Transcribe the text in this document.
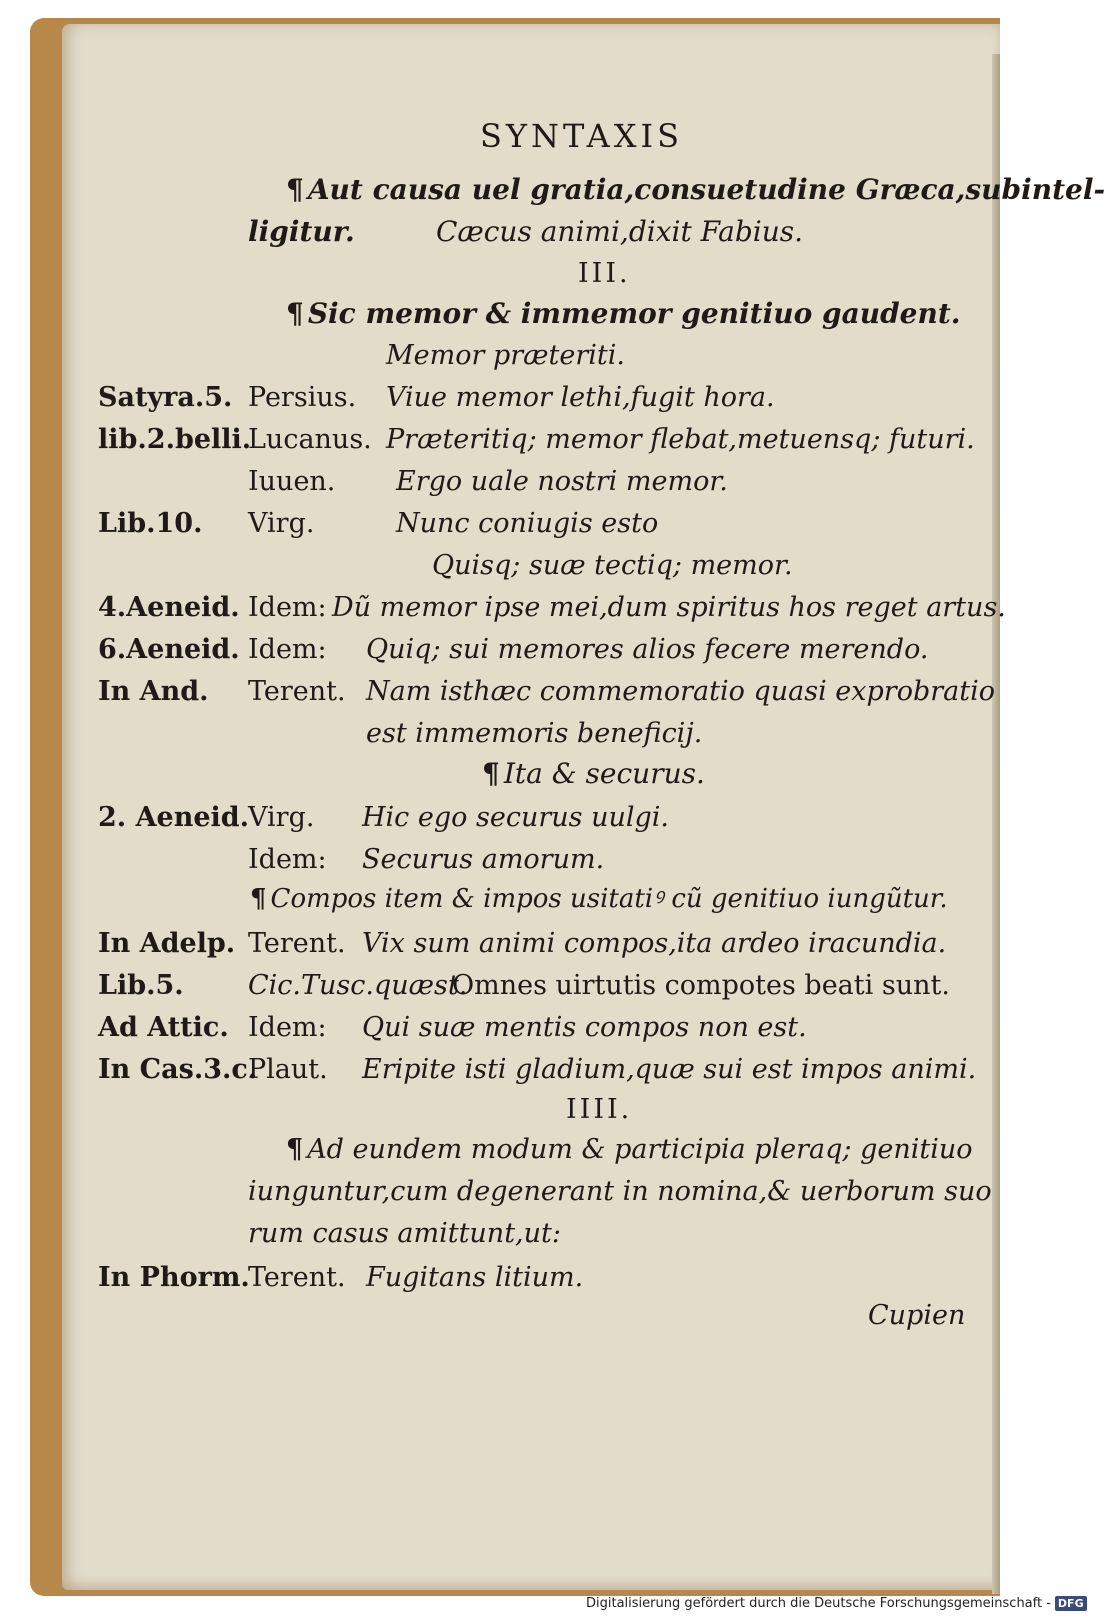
SYNTAXIS
¶ Aut causa uel gratia,consuetudine Græca,subintel-
ligitur.	Cæcus animi,dixit Fabius.
III.
¶ Sic memor & immemor genitiuo gaudent.
Memor præteriti.
Satyra.5. Persius. Viue memor lethi,fugit hora.
lib.2.belli.
Lucanus. Præteritiq; memor flebat,metuensq; futuri.
Iuuen. Ergo uale nostri memor.
Lib.10. Virg.	Nunc coniugis esto
Quisq; suæ tectiq; memor.
4.Aeneid. Idem: Dũ memor ipse mei,dum spiritus hos reget artus.
6.Aeneid. Idem: Quiq; sui memores alios fecere merendo.
In And. Terent. Nam isthæc commemoratio quasi exprobratio
est immemoris beneficij.
¶ Ita & securus.
2. Aeneid.
Virg. Hic ego securus uulgi.
Idem: Securus amorum.
¶ Compos item & impos usitatiꝰ cũ genitiuo iungũtur.
In Adelp. Terent. Vix sum animi compos,ita ardeo iracundia.
Lib.5. Cic.Tusc.quæst.
Omnes uirtutis compotes beati sunt.
Ad Attic. Idem: Qui suæ mentis compos non est.
In Cas.3.c.
Plaut. Eripite isti gladium,quæ sui est impos animi.
IIII.
¶ Ad eundem modum & participia pleraq; genitiuo
iunguntur,cum degenerant in nomina,& uerborum suo
rum casus amittunt,ut:
In Phorm.
Terent. Fugitans litium.
Cupien
Digitalisierung gefördert durch die Deutsche Forschungsgemeinschaft - DFG
